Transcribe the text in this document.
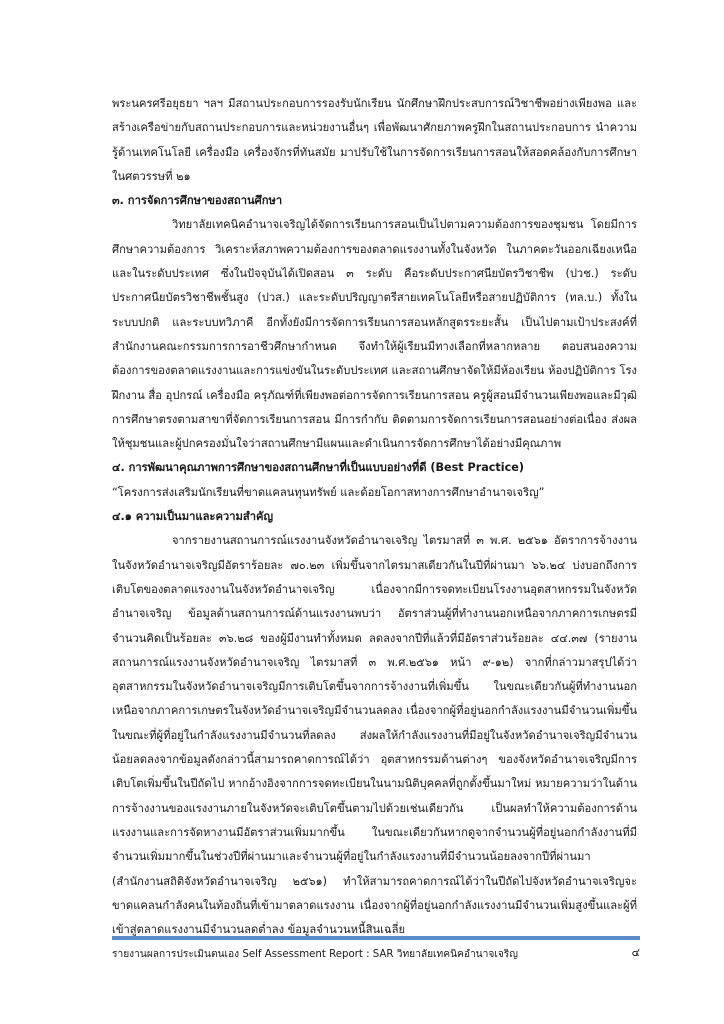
พระนครศรีอยุธยา ฯลฯ มีสถานประกอบการรองรับนักเรียน นักศึกษาฝึกประสบการณ์วิชาชีพอย่างเพียงพอ และสร้างเครือข่ายกับสถานประกอบการและหน่วยงานอื่นๆ เพื่อพัฒนาศักยภาพครูฝึกในสถานประกอบการ นำความรู้ด้านเทคโนโลยี เครื่องมือ เครื่องจักรที่ทันสมัย มาปรับใช้ในการจัดการเรียนการสอนให้สอดคล้องกับการศึกษาในศตวรรษที่ ๒๑

๓. การจัดการศึกษาของสถานศึกษา

วิทยาลัยเทคนิคอำนาจเจริญได้จัดการเรียนการสอนเป็นไปตามความต้องการของชุมชน โดยมีการศึกษาความต้องการ วิเคราะห์สภาพความต้องการของตลาดแรงงานทั้งในจังหวัด ในภาคตะวันออกเฉียงเหนือและในระดับประเทศ ซึ่งในปัจจุบันได้เปิดสอน ๓ ระดับ คือระดับประกาศนียบัตรวิชาชีพ (ปวช.) ระดับประกาศนียบัตรวิชาชีพชั้นสูง (ปวส.) และระดับปริญญาตรีสายเทคโนโลยีหรือสายปฏิบัติการ (ทล.บ.) ทั้งในระบบปกติ และระบบทวิภาคี อีกทั้งยังมีการจัดการเรียนการสอนหลักสูตรระยะสั้น เป็นไปตามเป้าประสงค์ที่สำนักงานคณะกรรมการการอาชีวศึกษากำหนด จึงทำให้ผู้เรียนมีทางเลือกที่หลากหลาย ตอบสนองความต้องการของตลาดแรงงานและการแข่งขันในระดับประเทศ และสถานศึกษาจัดให้มีห้องเรียน ห้องปฏิบัติการ โรงฝึกงาน สื่อ อุปกรณ์ เครื่องมือ ครุภัณฑ์ที่เพียงพอต่อการจัดการเรียนการสอน ครูผู้สอนมีจำนวนเพียงพอและมีวุฒิการศึกษาตรงตามสาขาที่จัดการเรียนการสอน มีการกำกับ ติดตามการจัดการเรียนการสอนอย่างต่อเนื่อง ส่งผลให้ชุมชนและผู้ปกครองมั่นใจว่าสถานศึกษามีแผนและดำเนินการจัดการศึกษาได้อย่างมีคุณภาพ

๔. การพัฒนาคุณภาพการศึกษาของสถานศึกษาที่เป็นแบบอย่างที่ดี (Best Practice)

“โครงการส่งเสริมนักเรียนที่ขาดแคลนทุนทรัพย์ และด้อยโอกาสทางการศึกษาอำนาจเจริญ”

๔.๑ ความเป็นมาและความสำคัญ

จากรายงานสถานการณ์แรงงานจังหวัดอำนาจเจริญ ไตรมาสที่ ๓ พ.ศ. ๒๕๖๑ อัตราการจ้างงานในจังหวัดอำนาจเจริญมีอัตราร้อยละ ๗๐.๒๓ เพิ่มขึ้นจากไตรมาสเดียวกันในปีที่ผ่านมา ๖๖.๒๔ บ่งบอกถึงการเติบโตของตลาดแรงงานในจังหวัดอำนาจเจริญ เนื่องจากมีการจดทะเบียนโรงงานอุตสาหกรรมในจังหวัดอำนาจเจริญ ข้อมูลด้านสถานการณ์ด้านแรงงานพบว่า อัตราส่วนผู้ที่ทำงานนอกเหนือจากภาคการเกษตรมีจำนวนคิดเป็นร้อยละ ๓๖.๒๘ ของผู้มีงานทำทั้งหมด ลดลงจากปีที่แล้วที่มีอัตราส่วนร้อยละ ๔๔.๓๗ (รายงานสถานการณ์แรงงานจังหวัดอำนาจเจริญ ไตรมาสที่ ๓ พ.ศ.๒๕๖๑ หน้า ๙-๑๒) จากที่กล่าวมาสรุปได้ว่า อุตสาหกรรมในจังหวัดอำนาจเจริญมีการเติบโตขึ้นจากการจ้างงานที่เพิ่มขึ้น ในขณะเดียวกันผู้ที่ทำงานนอกเหนือจากภาคการเกษตรในจังหวัดอำนาจเจริญมีจำนวนลดลง เนื่องจากผู้ที่อยู่นอกกำลังแรงงานมีจำนวนเพิ่มขึ้นในขณะที่ผู้ที่อยู่ในกำลังแรงงานมีจำนวนที่ลดลง ส่งผลให้กำลังแรงงานที่มีอยู่ในจังหวัดอำนาจเจริญมีจำนวนน้อยลดลงจากข้อมูลดังกล่าวนี้สามารถคาดการณ์ได้ว่า อุตสาหกรรมด้านต่างๆ ของจังหวัดอำนาจเจริญมีการเติบโตเพิ่มขึ้นในปีถัดไป หากอ้างอิงจากการจดทะเบียนในนามนิติบุคคลที่ถูกตั้งขึ้นมาใหม่ หมายความว่าในด้านการจ้างงานของแรงงานภายในจังหวัดจะเติบโตขึ้นตามไปด้วยเช่นเดียวกัน เป็นผลทำให้ความต้องการด้านแรงงานและการจัดหางานมีอัตราส่วนเพิ่มมากขึ้น ในขณะเดียวกันหากดูจากจำนวนผู้ที่อยู่นอกกำลังงานที่มีจำนวนเพิ่มมากขึ้นในช่วงปีที่ผ่านมาและจำนวนผู้ที่อยู่ในกำลังแรงงานที่มีจำนวนน้อยลงจากปีที่ผ่านมา (สำนักงานสถิติจังหวัดอำนาจเจริญ ๒๕๖๑) ทำให้สามารถคาดการณ์ได้ว่าในปีถัดไปจังหวัดอำนาจเจริญจะขาดแคลนกำลังคนในท้องถิ่นที่เข้ามาตลาดแรงงาน เนื่องจากผู้ที่อยู่นอกกำลังแรงงานมีจำนวนเพิ่มสูงขึ้นและผู้ที่เข้าสู่ตลาดแรงงานมีจำนวนลดต่ำลง ข้อมูลจำนวนหนี้สินเฉลี่ย

รายงานผลการประเมินตนเอง Self Assessment Report : SAR วิทยาลัยเทคนิคอำนาจเจริญ	๔
